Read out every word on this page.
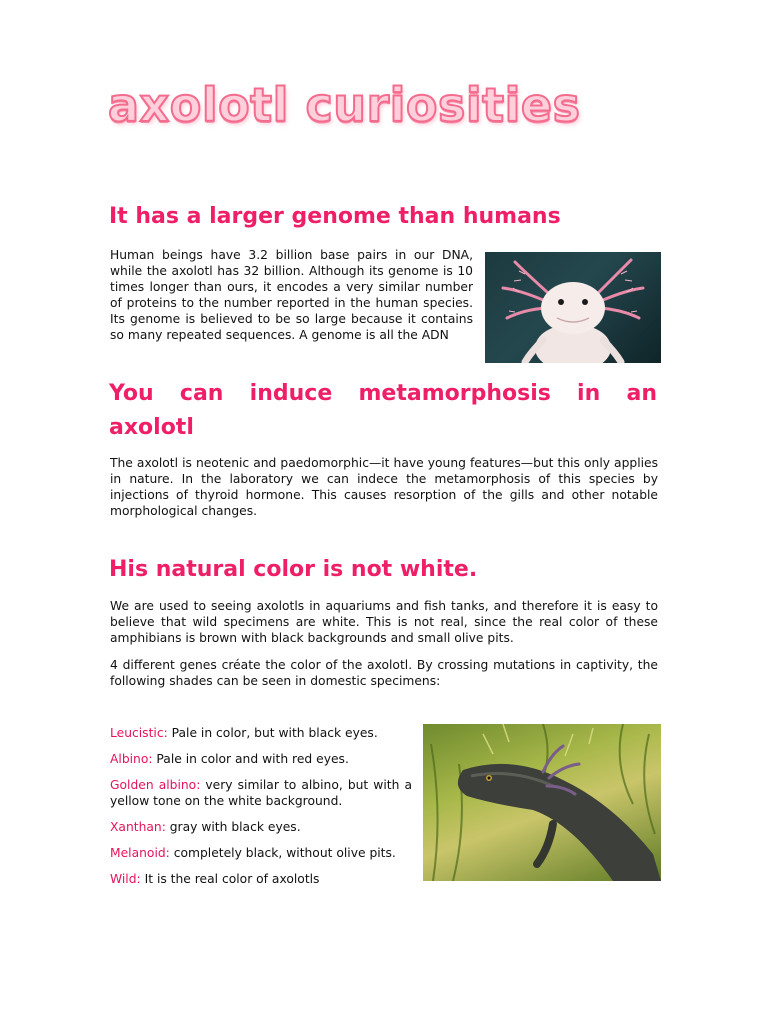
axolotl curiosities
It has a larger genome than humans
Human beings have 3.2 billion base pairs in our DNA, while the axolotl has 32 billion. Although its genome is 10 times longer than ours, it encodes a very similar number of proteins to the number reported in the human species. Its genome is believed to be so large because it contains so many repeated sequences. A genome is all the ADN
You can induce metamorphosis in an
axolotl
The axolotl is neotenic and paedomorphic—it have young features—but this only applies in nature. In the laboratory we can indece the metamorphosis of this species by injections of thyroid hormone. This causes resorption of the gills and other notable morphological changes.
His natural color is not white.
We are used to seeing axolotls in aquariums and fish tanks, and therefore it is easy to believe that wild specimens are white. This is not real, since the real color of these amphibians is brown with black backgrounds and small olive pits.
4 different genes créate the color of the axolotl. By crossing mutations in captivity, the following shades can be seen in domestic specimens:
Leucistic: Pale in color, but with black eyes.
Albino: Pale in color and with red eyes.
Golden albino: very similar to albino, but with a yellow tone on the white background.
Xanthan: gray with black eyes.
Melanoid: completely black, without olive pits.
Wild: It is the real color of axolotls
